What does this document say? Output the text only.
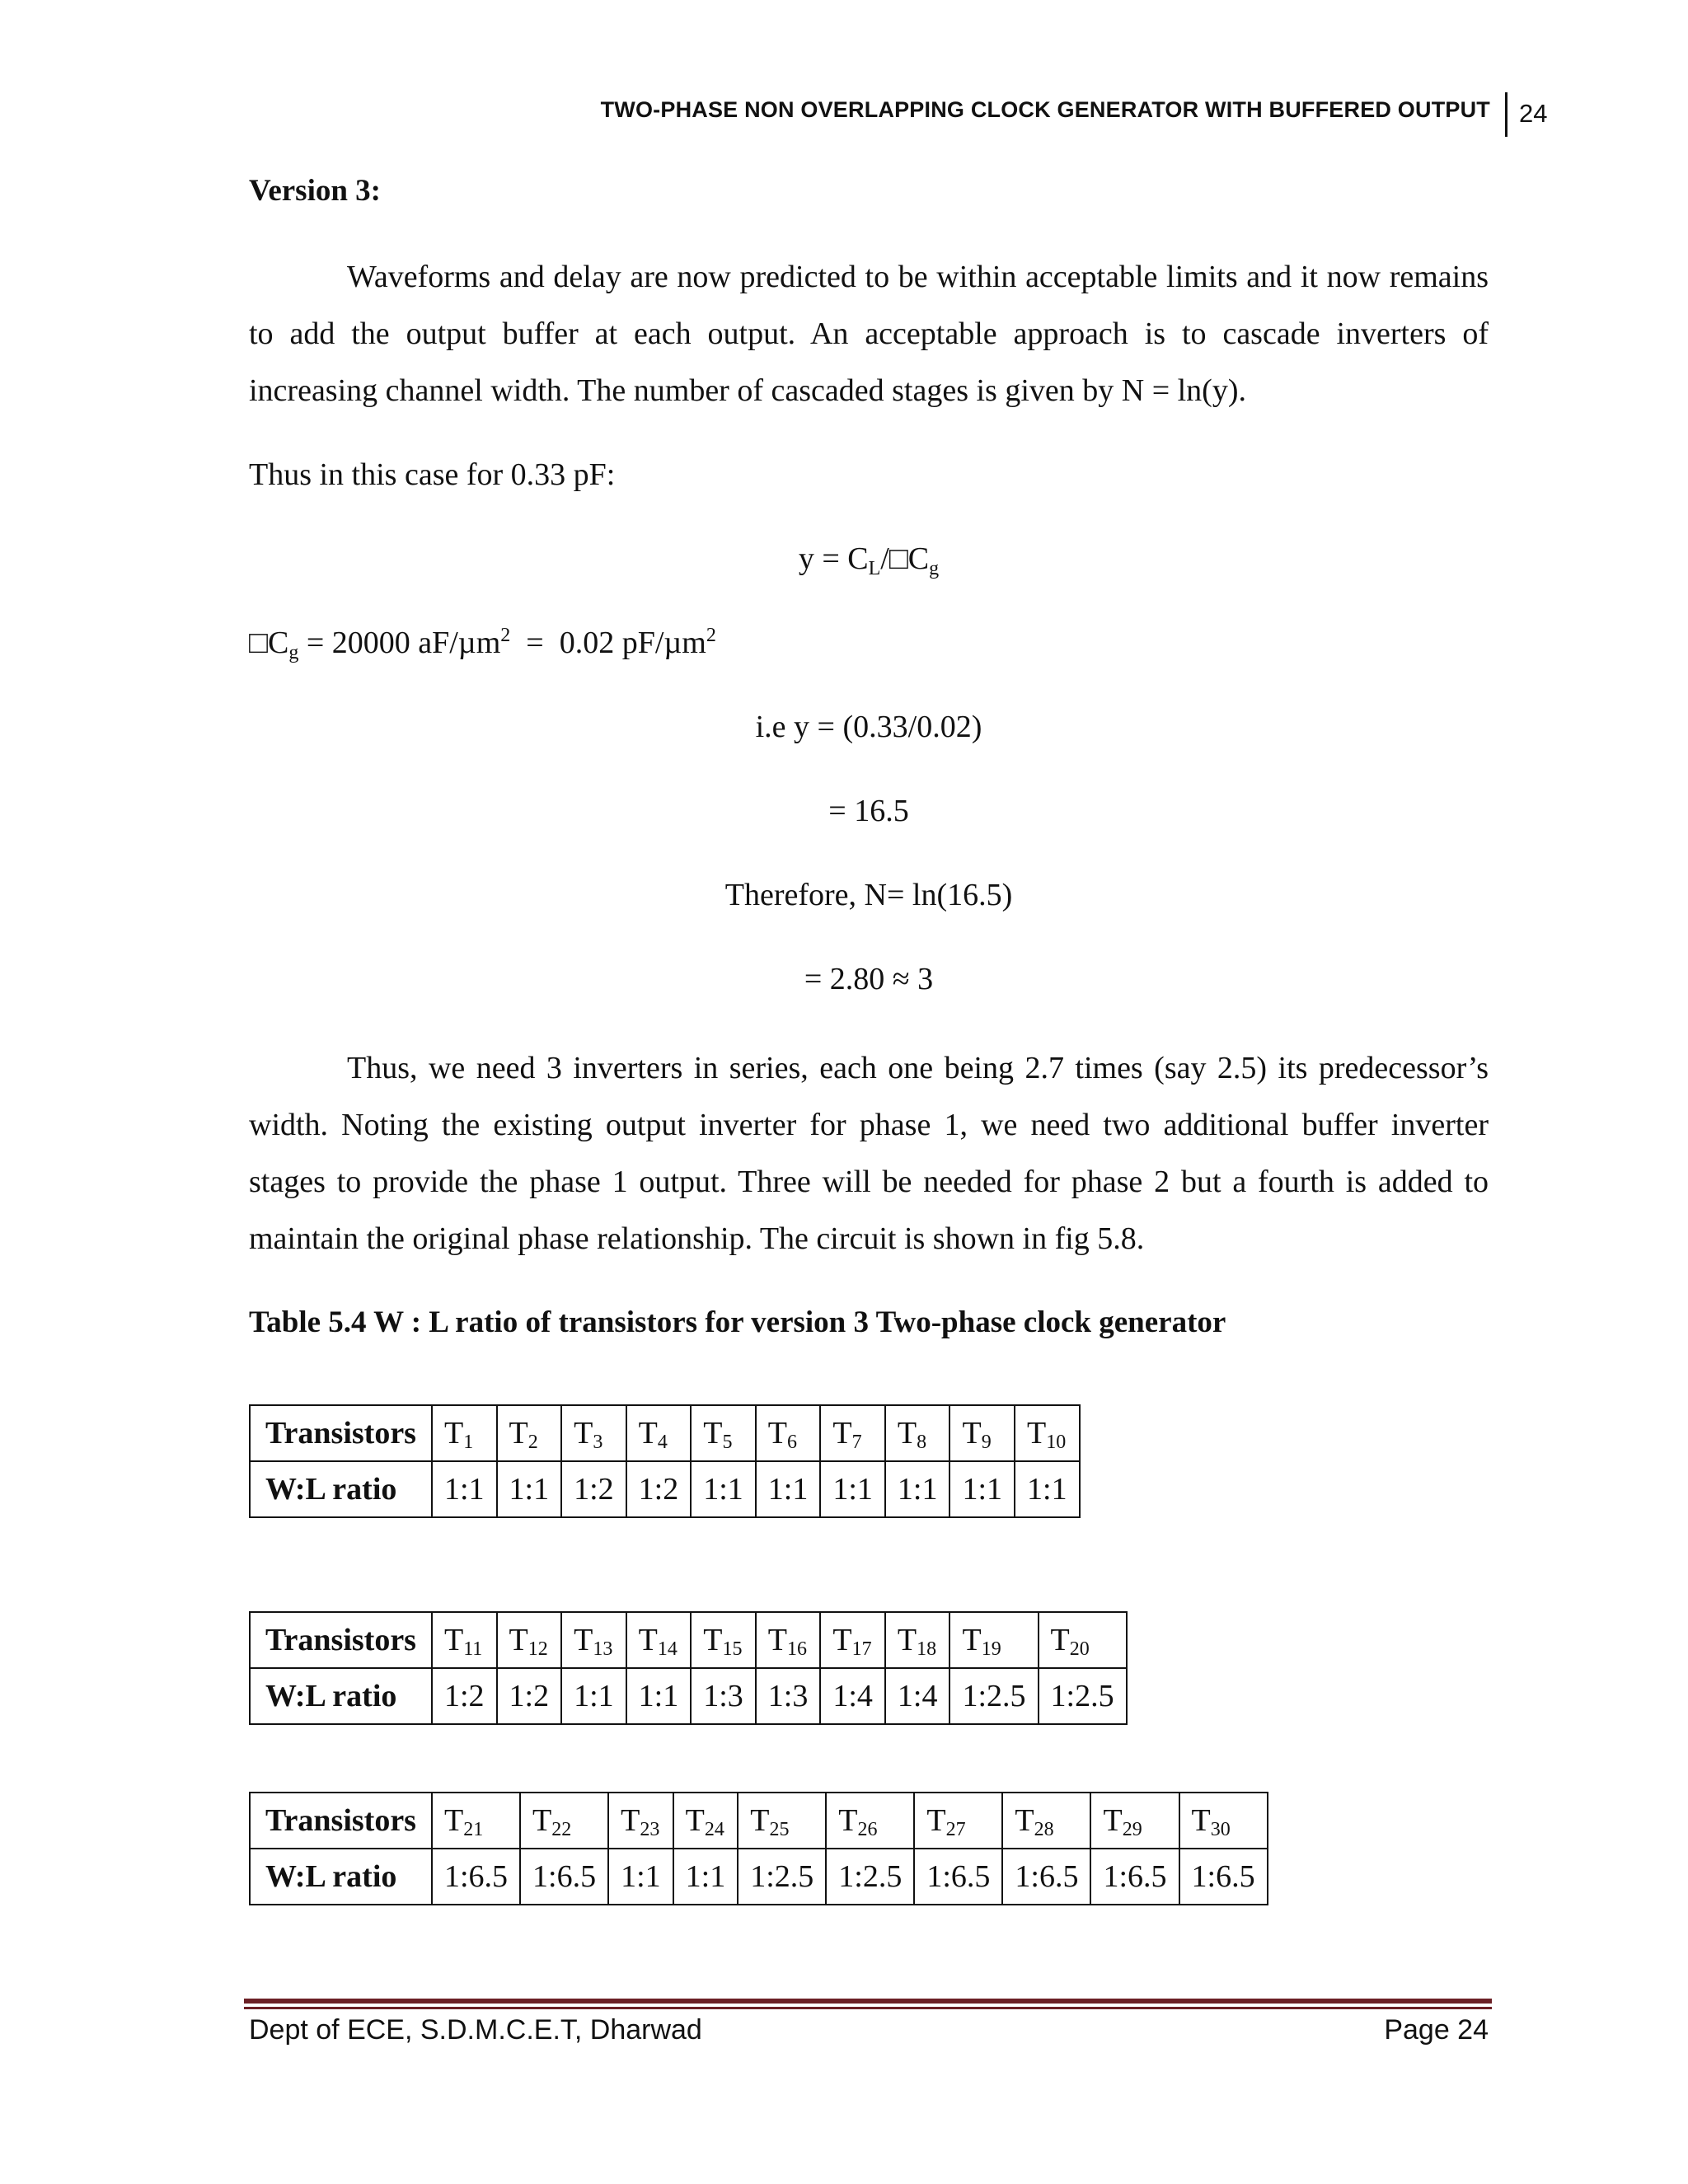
TWO-PHASE NON OVERLAPPING CLOCK GENERATOR WITH BUFFERED OUTPUT 24
Version 3:
Waveforms and delay are now predicted to be within acceptable limits and it now remains to add the output buffer at each output. An acceptable approach is to cascade inverters of increasing channel width. The number of cascaded stages is given by N = ln(y).
Thus in this case for 0.33 pF:
$y = C_L/□C_g$
$□C_g = 20000$ aF/µm$^2$  =  0.02 pF/µm$^2$
i.e y = (0.33/0.02)
= 16.5
Therefore, N= ln(16.5)
= 2.80 ≈ 3
Thus, we need 3 inverters in series, each one being 2.7 times (say 2.5) its predecessor’s width. Noting the existing output inverter for phase 1, we need two additional buffer inverter stages to provide the phase 1 output. Three will be needed for phase 2 but a fourth is added to maintain the original phase relationship. The circuit is shown in fig 5.8.
Table 5.4 W : L ratio of transistors for version 3 Two-phase clock generator
Transistors	$T_1$	$T_2$	$T_3$	$T_4$	$T_5$	$T_6$	$T_7$	$T_8$	$T_9$	$T_{10}$
W:L ratio	1:1	1:1	1:2	1:2	1:1	1:1	1:1	1:1	1:1	1:1
Transistors	$T_{11}$	$T_{12}$	$T_{13}$	$T_{14}$	$T_{15}$	$T_{16}$	$T_{17}$	$T_{18}$	$T_{19}$	$T_{20}$
W:L ratio	1:2	1:2	1:1	1:1	1:3	1:3	1:4	1:4	1:2.5	1:2.5
Transistors	$T_{21}$	$T_{22}$	$T_{23}$	$T_{24}$	$T_{25}$	$T_{26}$	$T_{27}$	$T_{28}$	$T_{29}$	$T_{30}$
W:L ratio	1:6.5	1:6.5	1:1	1:1	1:2.5	1:2.5	1:6.5	1:6.5	1:6.5	1:6.5
Dept of ECE, S.D.M.C.E.T, Dharwad	Page 24
